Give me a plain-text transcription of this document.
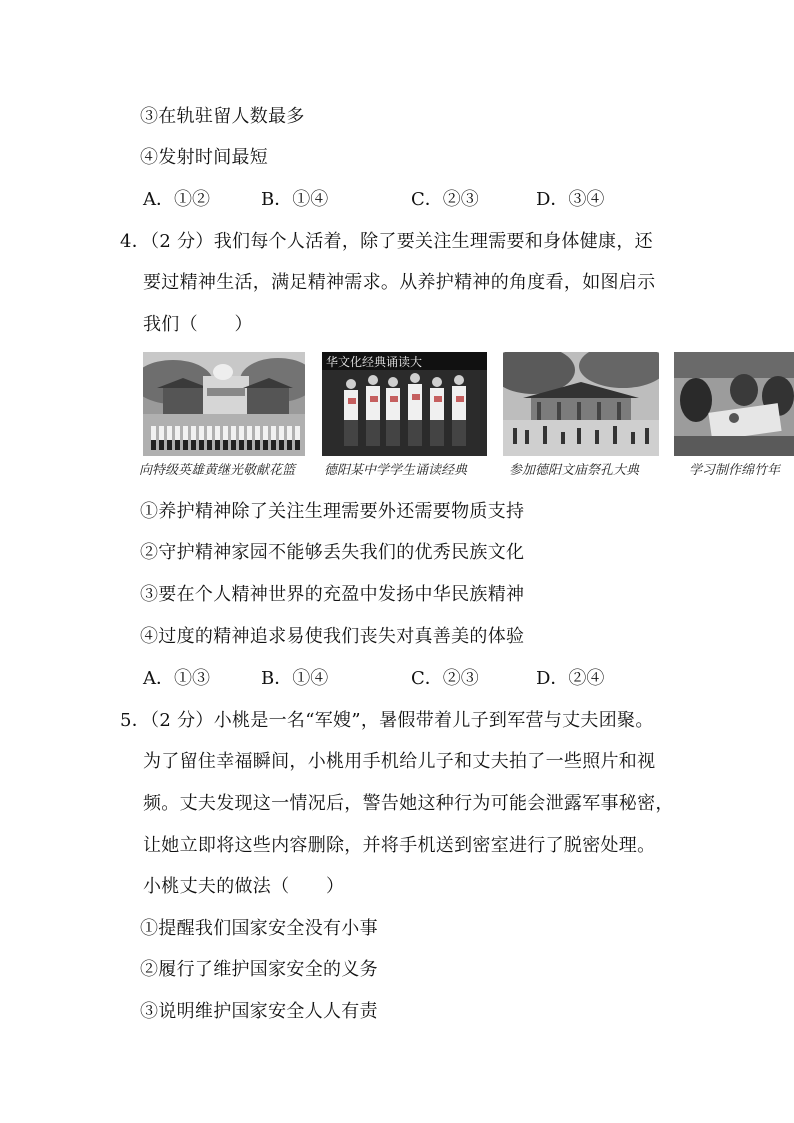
③在轨驻留人数最多
④发射时间最短
A．①②	B．①④	C．②③	D．③④
4．（2 分）我们每个人活着，除了要关注生理需要和身体健康，还
要过精神生活，满足精神需求。从养护精神的角度看，如图启示
我们（　　）
华文化经典诵读大
向特级英雄黄继光敬献花篮 德阳某中学学生诵读经典	参加德阳文庙祭孔大典	学习制作绵竹年
①养护精神除了关注生理需要外还需要物质支持
②守护精神家园不能够丢失我们的优秀民族文化
③要在个人精神世界的充盈中发扬中华民族精神
④过度的精神追求易使我们丧失对真善美的体验
A．①③	B．①④	C．②③	D．②④
5．（2 分）小桃是一名“军嫂”，暑假带着儿子到军营与丈夫团聚。
为了留住幸福瞬间，小桃用手机给儿子和丈夫拍了一些照片和视
频。丈夫发现这一情况后，警告她这种行为可能会泄露军事秘密，
让她立即将这些内容删除，并将手机送到密室进行了脱密处理。
小桃丈夫的做法（　　）
①提醒我们国家安全没有小事
②履行了维护国家安全的义务
③说明维护国家安全人人有责
